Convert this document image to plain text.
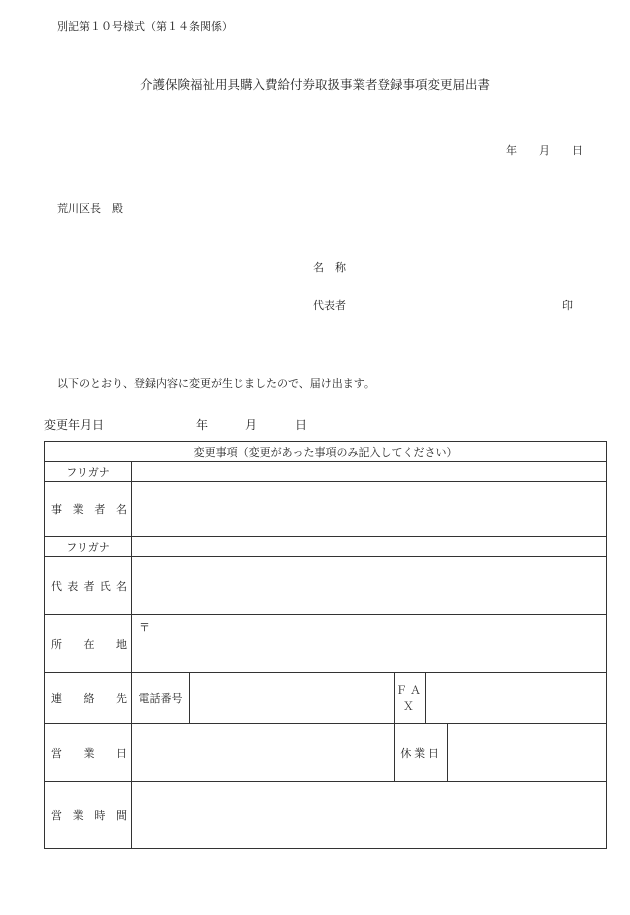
別記第１０号様式（第１４条関係）
介護保険福祉用具購入費給付券取扱事業者登録事項変更届出書
年 月 日
荒川区長　殿
名　称
代表者	印
以下のとおり、登録内容に変更が生じましたので、届け出ます。
変更年月日	年	月	日
変更事項（変更があった事項のみ記入してください）					
フリガナ					
事業者名					
フリガナ					
代表者氏名					
所在地	〒				
連絡先	電話番号		ＦＡＸ		
営業日			休業日		
営業時間					
